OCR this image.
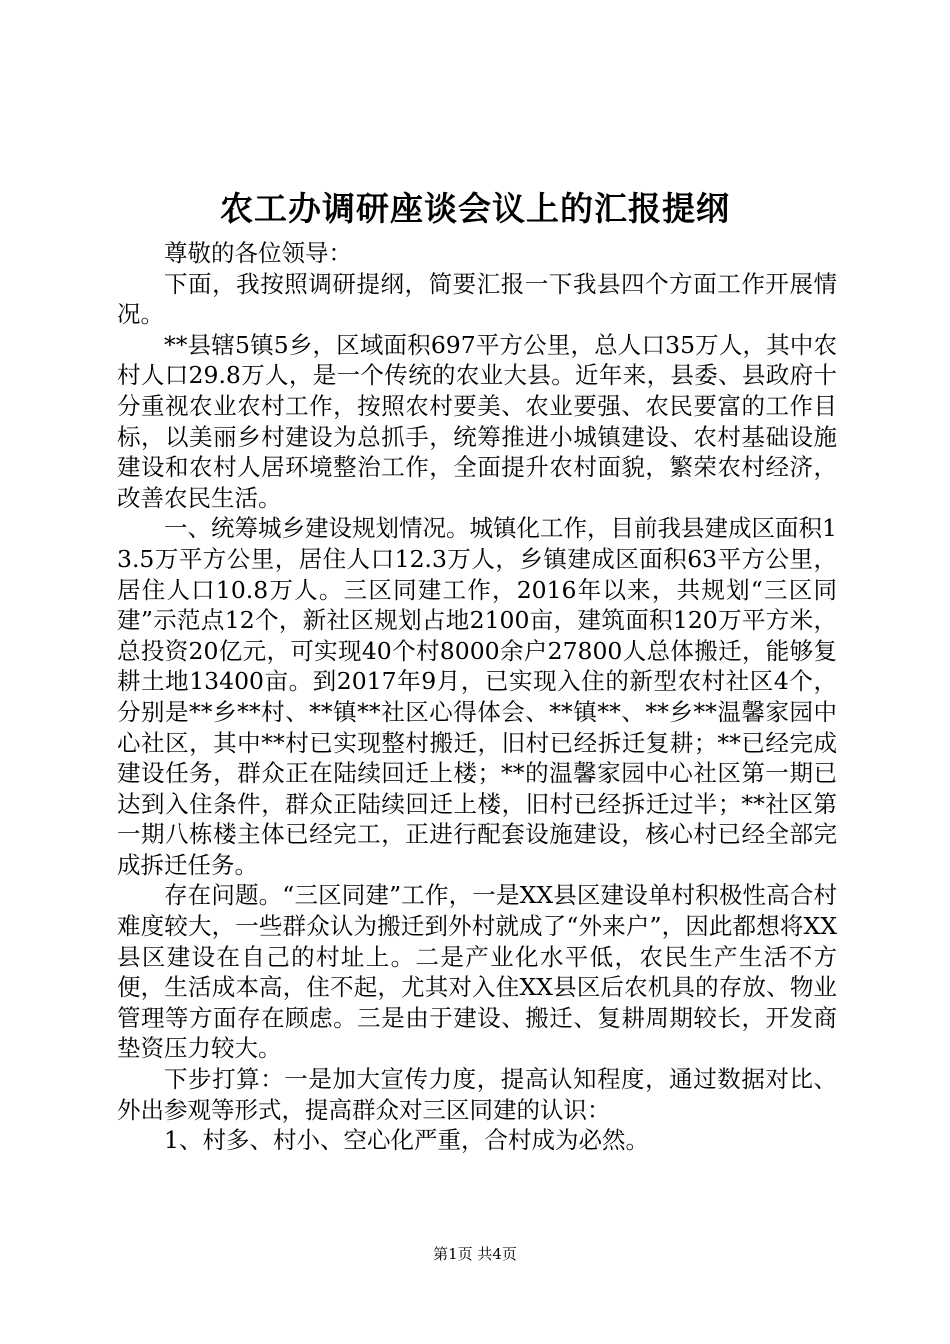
农工办调研座谈会议上的汇报提纲

尊敬的各位领导：

下面，我按照调研提纲，简要汇报一下我县四个方面工作开展情况。

**县辖5镇5乡，区域面积697平方公里，总人口35万人，其中农村人口29.8万人，是一个传统的农业大县。近年来，县委、县政府十分重视农业农村工作，按照农村要美、农业要强、农民要富的工作目标，以美丽乡村建设为总抓手，统筹推进小城镇建设、农村基础设施建设和农村人居环境整治工作，全面提升农村面貌，繁荣农村经济，改善农民生活。

一、统筹城乡建设规划情况。城镇化工作，目前我县建成区面积13.5万平方公里，居住人口12.3万人，乡镇建成区面积63平方公里，居住人口10.8万人。三区同建工作，2016年以来，共规划“三区同建”示范点12个，新社区规划占地2100亩，建筑面积120万平方米，总投资20亿元，可实现40个村8000余户27800人总体搬迁，能够复耕土地13400亩。到2017年9月，已实现入住的新型农村社区4个，分别是**乡**村、**镇**社区心得体会、**镇**、**乡**温馨家园中心社区，其中**村已实现整村搬迁，旧村已经拆迁复耕；**已经完成建设任务，群众正在陆续回迁上楼；**的温馨家园中心社区第一期已达到入住条件，群众正陆续回迁上楼，旧村已经拆迁过半；**社区第一期八栋楼主体已经完工，正进行配套设施建设，核心村已经全部完成拆迁任务。

存在问题。“三区同建”工作，一是XX县区建设单村积极性高合村难度较大，一些群众认为搬迁到外村就成了“外来户”，因此都想将XX县区建设在自己的村址上。二是产业化水平低，农民生产生活不方便，生活成本高，住不起，尤其对入住XX县区后农机具的存放、物业管理等方面存在顾虑。三是由于建设、搬迁、复耕周期较长，开发商垫资压力较大。

下步打算：一是加大宣传力度，提高认知程度，通过数据对比、外出参观等形式，提高群众对三区同建的认识：

1、村多、村小、空心化严重，合村成为必然。

第1页 共4页
